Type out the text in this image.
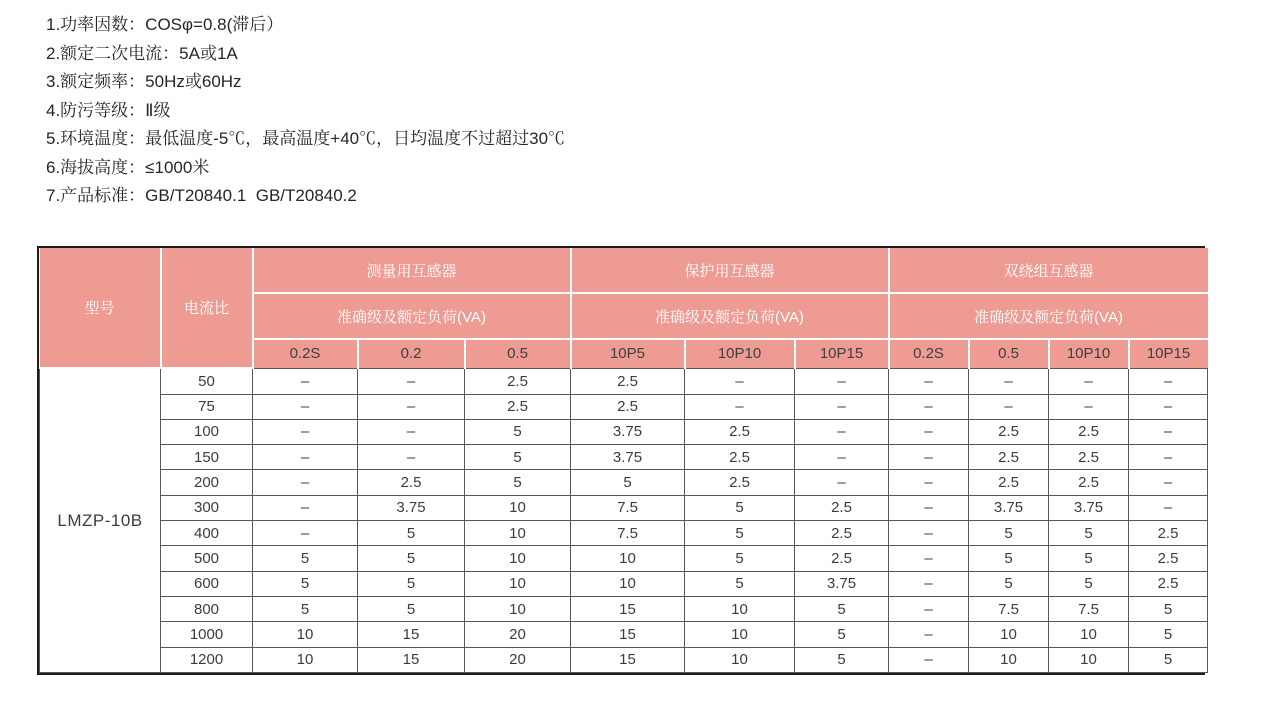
1.功率因数：COSφ=0.8(滞后）
2.额定二次电流：5A或1A
3.额定频率：50Hz或60Hz
4.防污等级：Ⅱ级
5.环境温度：最低温度-5℃，最高温度+40℃，日均温度不过超过30℃
6.海拔高度：≤1000米
7.产品标准：GB/T20840.1  GB/T20840.2
型号	电流比	测量用互感器			保护用互感器			双绕组互感器			
		准确级及额定负荷(VA)			准确级及额定负荷(VA)			准确级及额定负荷(VA)			
		0.2S	0.2	0.5	10P5	10P10	10P15	0.2S	0.5	10P10	10P15
LMZP-10B	50	–	–	2.5	2.5	–	–	–	–	–	–
	75	–	–	2.5	2.5	–	–	–	–	–	–
	100	–	–	5	3.75	2.5	–	–	2.5	2.5	–
	150	–	–	5	3.75	2.5	–	–	2.5	2.5	–
	200	–	2.5	5	5	2.5	–	–	2.5	2.5	–
	300	–	3.75	10	7.5	5	2.5	–	3.75	3.75	–
	400	–	5	10	7.5	5	2.5	–	5	5	2.5
	500	5	5	10	10	5	2.5	–	5	5	2.5
	600	5	5	10	10	5	3.75	–	5	5	2.5
	800	5	5	10	15	10	5	–	7.5	7.5	5
	1000	10	15	20	15	10	5	–	10	10	5
	1200	10	15	20	15	10	5	–	10	10	5
